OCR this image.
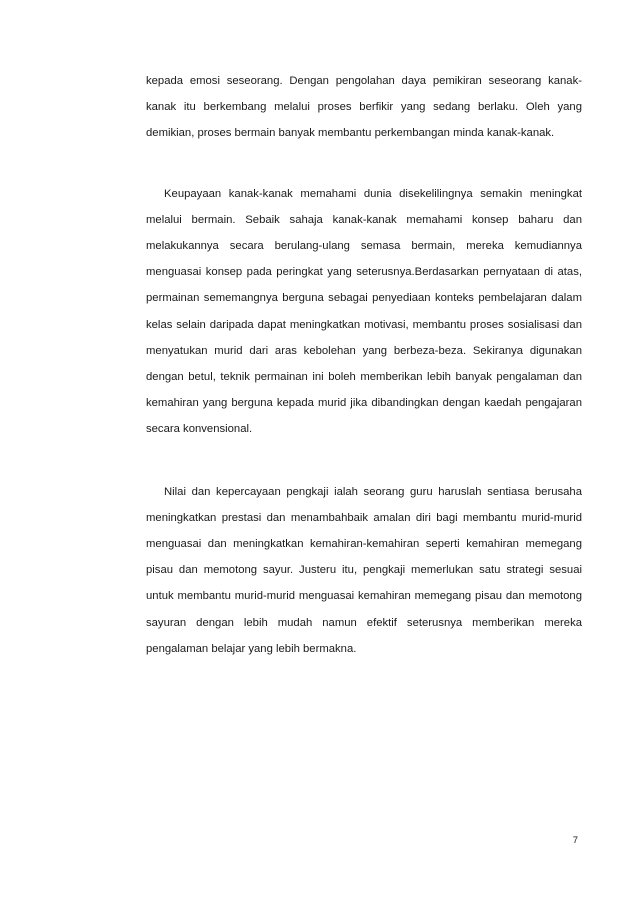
kepada emosi seseorang. Dengan pengolahan daya pemikiran seseorang kanak-kanak itu berkembang melalui proses berfikir yang sedang berlaku. Oleh yang demikian, proses bermain banyak membantu perkembangan minda kanak-kanak.

Keupayaan kanak-kanak memahami dunia disekelilingnya semakin meningkat melalui bermain. Sebaik sahaja kanak-kanak memahami konsep baharu dan melakukannya secara berulang-ulang semasa bermain, mereka kemudiannya menguasai konsep pada peringkat yang seterusnya.Berdasarkan pernyataan di atas, permainan sememangnya berguna sebagai penyediaan konteks pembelajaran dalam kelas selain daripada dapat meningkatkan motivasi, membantu proses sosialisasi dan menyatukan murid dari aras kebolehan yang berbeza-beza. Sekiranya digunakan dengan betul, teknik permainan ini boleh memberikan lebih banyak pengalaman dan kemahiran yang berguna kepada murid jika dibandingkan dengan kaedah pengajaran secara konvensional.

Nilai dan kepercayaan pengkaji ialah seorang guru haruslah sentiasa berusaha meningkatkan prestasi dan menambahbaik amalan diri bagi membantu murid-murid menguasai dan meningkatkan kemahiran-kemahiran seperti kemahiran memegang pisau dan memotong sayur. Justeru itu, pengkaji memerlukan satu strategi sesuai untuk membantu murid-murid menguasai kemahiran memegang pisau dan memotong sayuran dengan lebih mudah namun efektif seterusnya memberikan mereka pengalaman belajar yang lebih bermakna.

7
